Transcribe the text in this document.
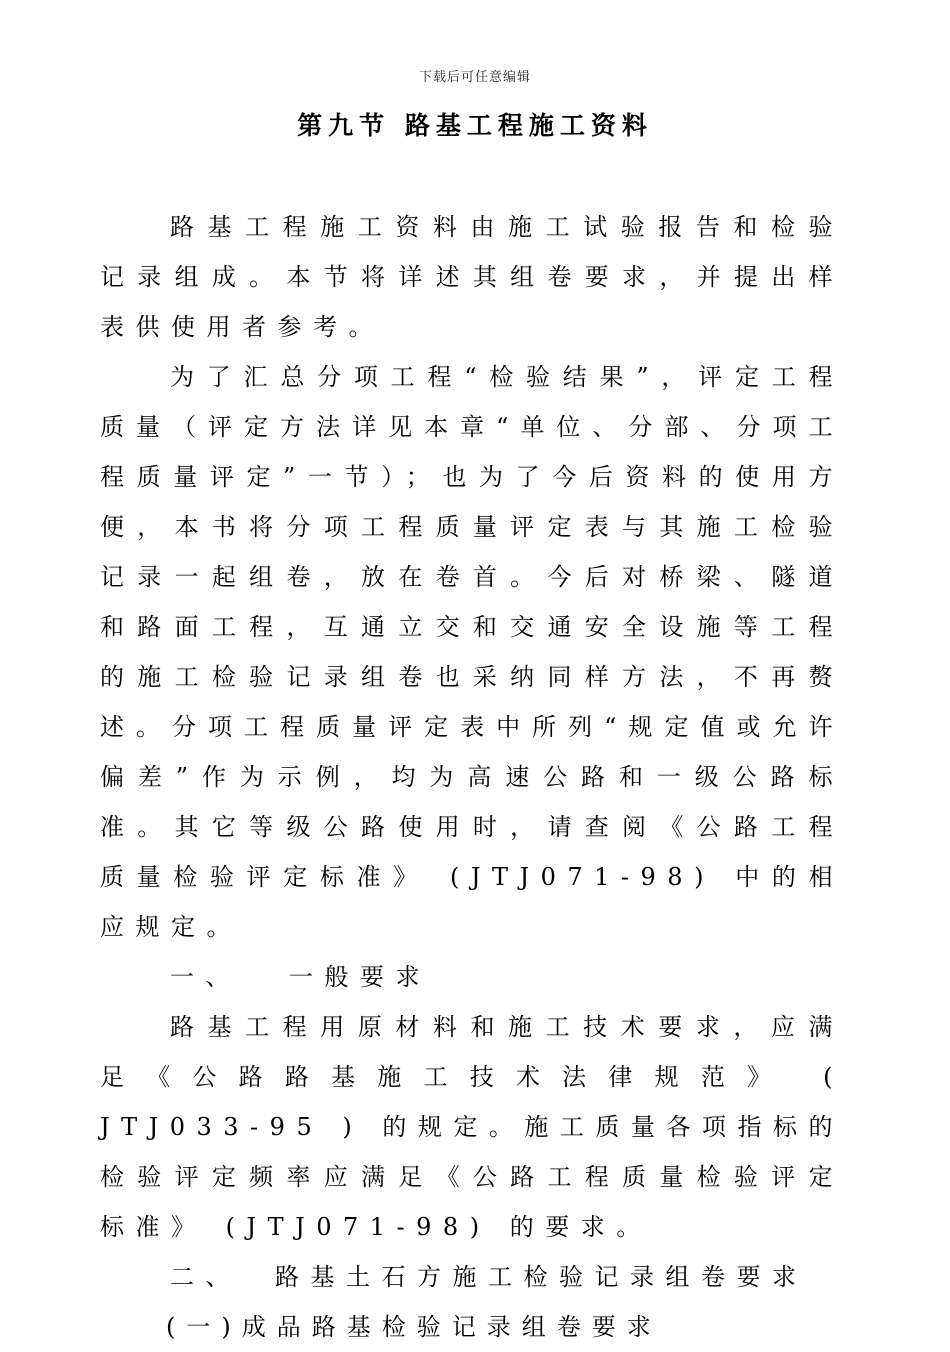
下载后可任意编辑
第九节 路基工程施工资料

路基工程施工资料由施工试验报告和检验记录组成。本节将详述其组卷要求，并提出样表供使用者参考。

为了汇总分项工程“检验结果”，评定工程质量（评定方法详见本章“单位、分部、分项工程质量评定”一节）；也为了今后资料的使用方便，本书将分项工程质量评定表与其施工检验记录一起组卷，放在卷首。今后对桥梁、隧道和路面工程，互通立交和交通安全设施等工程的施工检验记录组卷也采纳同样方法，不再赘述。分项工程质量评定表中所列“规定值或允许偏差”作为示例，均为高速公路和一级公路标准。其它等级公路使用时，请查阅《公路工程质量检验评定标准》 (JTJ071-98) 中的相应规定。

一、 一般要求

路基工程用原材料和施工技术要求，应满足《公路路基施工技术法律规范》 ( JTJ033-95 ) 的规定。施工质量各项指标的检验评定频率应满足《公路工程质量检验评定标准》 (JTJ071-98) 的要求。

二、 路基土石方施工检验记录组卷要求

(一)成品路基检验记录组卷要求
